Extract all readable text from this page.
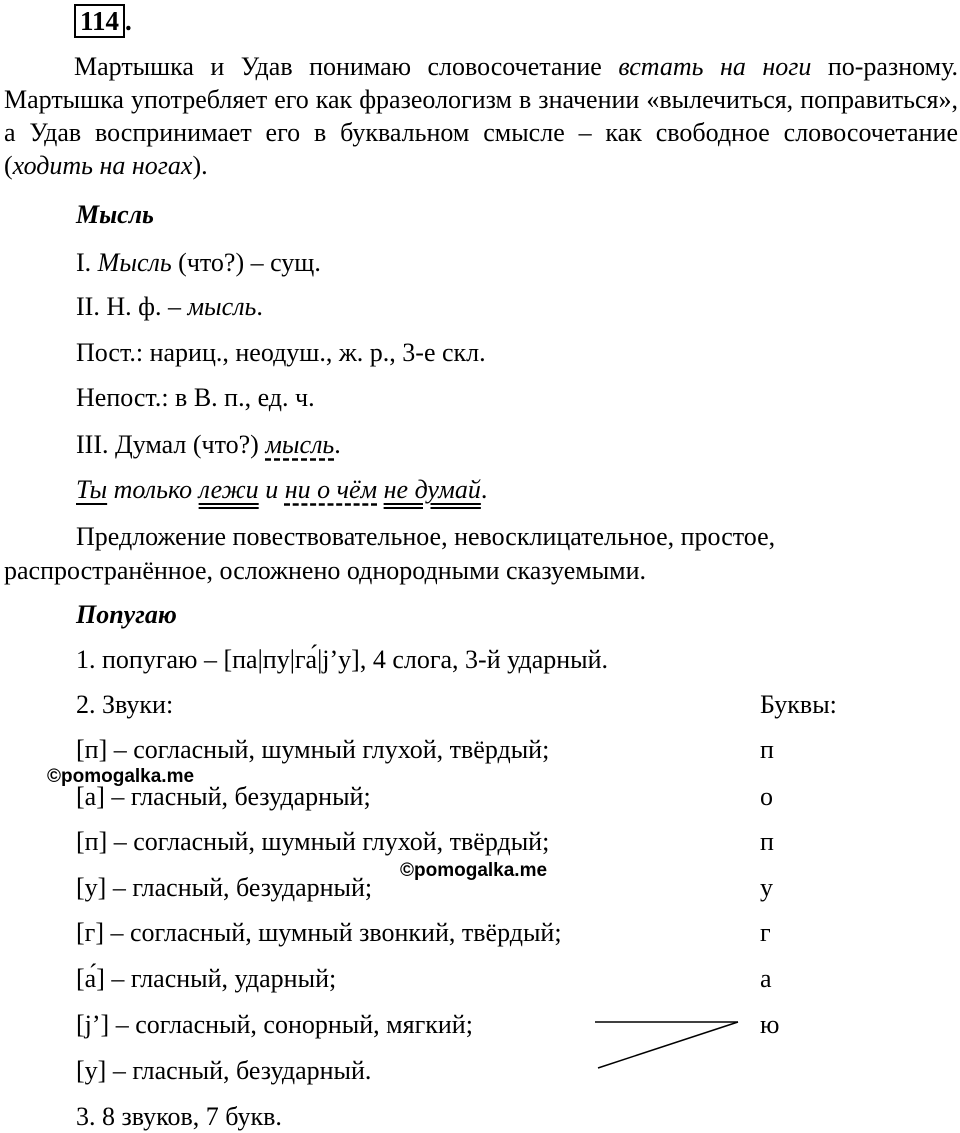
114 .
Мартышка и Удав понимаю словосочетание встать на ноги по-разному. Мартышка употребляет его как фразеологизм в значении «вылечиться, поправиться», а Удав воспринимает его в буквальном смысле – как свободное словосочетание (ходить на ногах).
Мысль
I. Мысль (что?) – сущ.
II. Н. ф. – мысль.
Пост.: нариц., неодуш., ж. р., 3-е скл.
Непост.: в В. п., ед. ч.
III. Думал (что?) мысль.
Ты только лежи и ни о чём не думай.
Предложение повествовательное, невосклицательное, простое,
распространённое, осложнено однородными сказуемыми.
Попугаю
1. попугаю – [па|пу|га́|j’у], 4 слога, 3-й ударный.
2. Звуки:	Буквы:
[п] – согласный, шумный глухой, твёрдый;	п
[а] – гласный, безударный;	о
[п] – согласный, шумный глухой, твёрдый;	п
[у] – гласный, безударный;	у
[г] – согласный, шумный звонкий, твёрдый;	г
[а́] – гласный, ударный;	а
[j’] – согласный, сонорный, мягкий;	ю
[у] – гласный, безударный.
3. 8 звуков, 7 букв.
©pomogalka.me
©pomogalka.me
